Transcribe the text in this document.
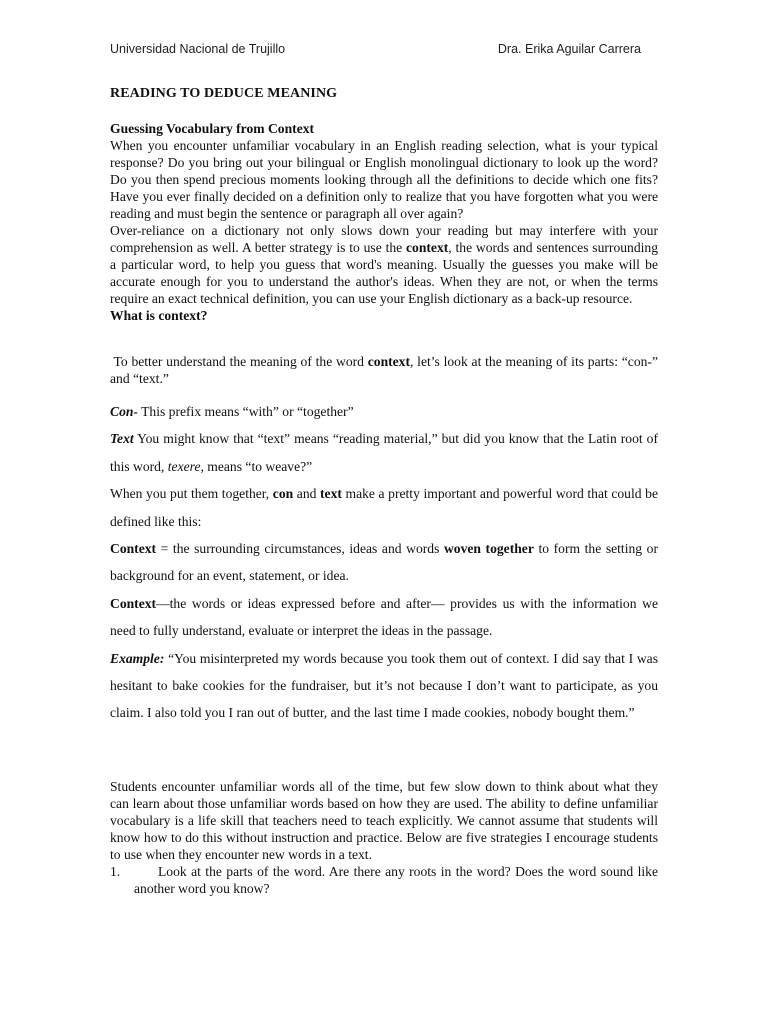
Universidad Nacional de Trujillo	Dra. Erika Aguilar Carrera
READING TO DEDUCE MEANING

Guessing Vocabulary from Context

When you encounter unfamiliar vocabulary in an English reading selection, what is your typical response? Do you bring out your bilingual or English monolingual dictionary to look up the word? Do you then spend precious moments looking through all the definitions to decide which one fits? Have you ever finally decided on a definition only to realize that you have forgotten what you were reading and must begin the sentence or paragraph all over again?

Over-reliance on a dictionary not only slows down your reading but may interfere with your comprehension as well. A better strategy is to use the context, the words and sentences surrounding a particular word, to help you guess that word's meaning. Usually the guesses you make will be accurate enough for you to understand the author's ideas. When they are not, or when the terms require an exact technical definition, you can use your English dictionary as a back-up resource.

What is context?

To better understand the meaning of the word context, let’s look at the meaning of its parts: “con-” and “text.”

Con- This prefix means “with” or “together”

Text You might know that “text” means “reading material,” but did you know that the Latin root of this word, texere, means “to weave?”

When you put them together, con and text make a pretty important and powerful word that could be defined like this:

Context = the surrounding circumstances, ideas and words woven together to form the setting or background for an event, statement, or idea.

Context—the words or ideas expressed before and after— provides us with the information we need to fully understand, evaluate or interpret the ideas in the passage.

Example: “You misinterpreted my words because you took them out of context. I did say that I was hesitant to bake cookies for the fundraiser, but it’s not because I don’t want to participate, as you claim. I also told you I ran out of butter, and the last time I made cookies, nobody bought them.”

Students encounter unfamiliar words all of the time, but few slow down to think about what they can learn about those unfamiliar words based on how they are used. The ability to define unfamiliar vocabulary is a life skill that teachers need to teach explicitly. We cannot assume that students will know how to do this without instruction and practice. Below are five strategies I encourage students to use when they encounter new words in a text.

1.	Look at the parts of the word. Are there any roots in the word? Does the word sound like another word you know?
